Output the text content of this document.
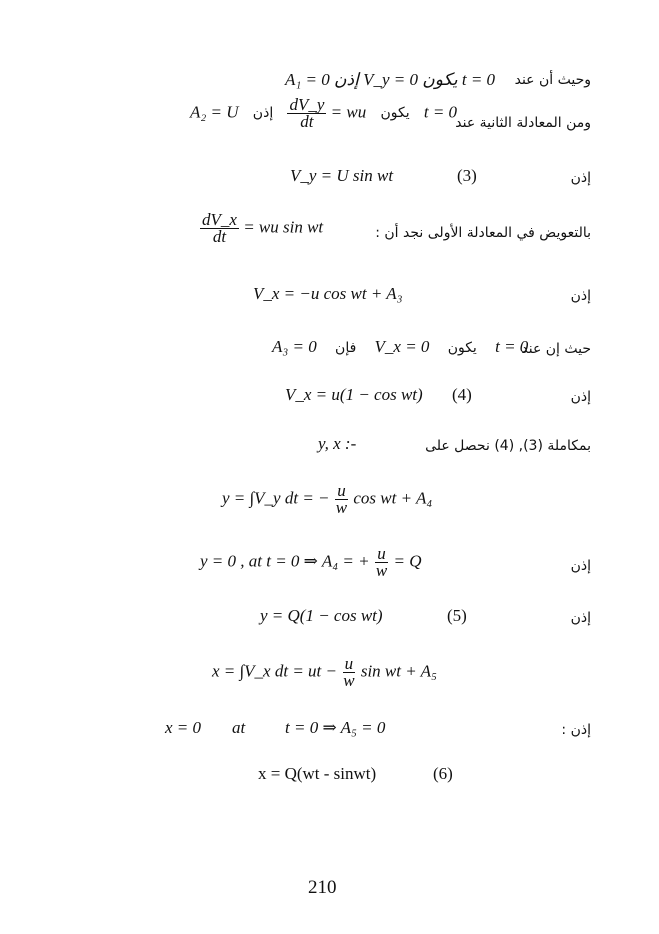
A₁ = 0 إذن V_y = 0 يكون t = 0 وحيث أن عند
A₂ = U إذن $\frac{dV\_y}{dt}$ = wu يكون t = 0
ومن المعادلة الثانية عند
V_y = U sin wt	(3)	إذن
$\frac{dV\_x}{dt}$ = wu sin wt	بالتعويض في المعادلة الأولى نجد أن :
V_x = −u cos wt + A₃	إذن
A₃ = 0 فإن V_x = 0 يكون t = 0
حيث إن عند
V_x = u(1 − cos wt) (4)	إذن
y, x :-	بمكاملة (3), (4) نحصل على
y = ∫V_y dt = − $\frac{u}{w}$ cos wt + A₄
y = 0 , at t = 0 ⇒ A₄ = + $\frac{u}{w} = Q$	إذن
y = Q(1 − cos wt)	(5)	إذن
x = ∫V_x dt = ut − $\frac{u}{w}$ sin wt + A₅
x = 0 at t = 0 ⇒ A₅ = 0	إذن :
x = Q(wt - sinwt)	(6)
210
